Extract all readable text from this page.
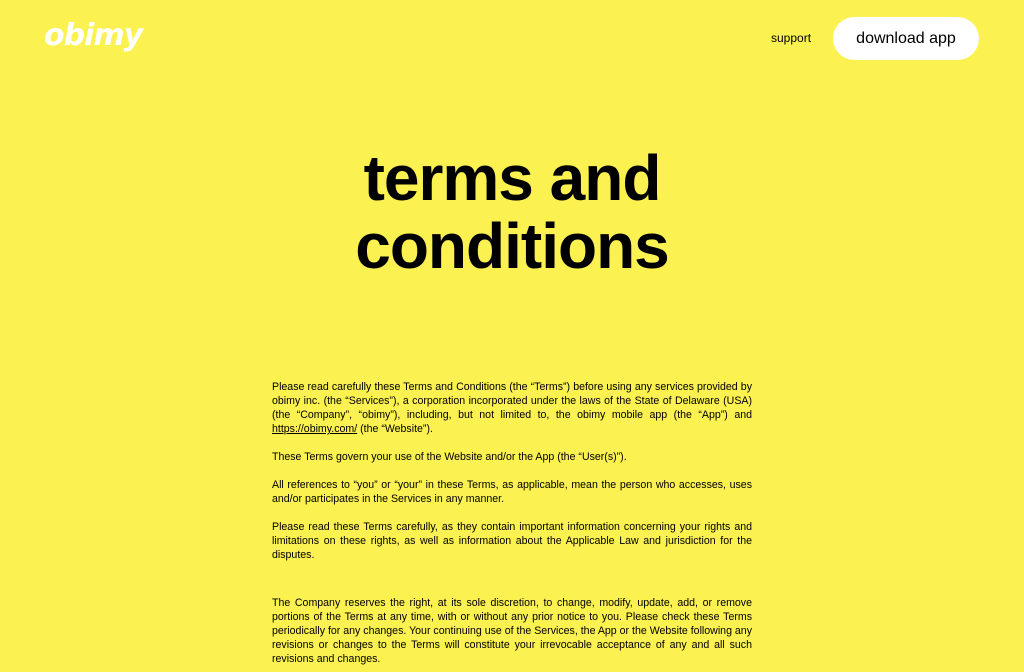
obimy	support	download app
terms and
conditions

Please read carefully these Terms and Conditions (the “Terms”) before using any services provided by obimy inc. (the “Services”), a corporation incorporated under the laws of the State of Delaware (USA) (the “Company”, “obimy”), including, but not limited to, the obimy mobile app (the “App”) and https://obimy.com/ (the “Website”).

These Terms govern your use of the Website and/or the App (the “User(s)”).

All references to “you” or “your” in these Terms, as applicable, mean the person who accesses, uses and/or participates in the Services in any manner.

Please read these Terms carefully, as they contain important information concerning your rights and limitations on these rights, as well as information about the Applicable Law and jurisdiction for the disputes.

The Company reserves the right, at its sole discretion, to change, modify, update, add, or remove portions of the Terms at any time, with or without any prior notice to you. Please check these Terms periodically for any changes. Your continuing use of the Services, the App or the Website following any revisions or changes to the Terms will constitute your irrevocable acceptance of any and all such revisions and changes.
